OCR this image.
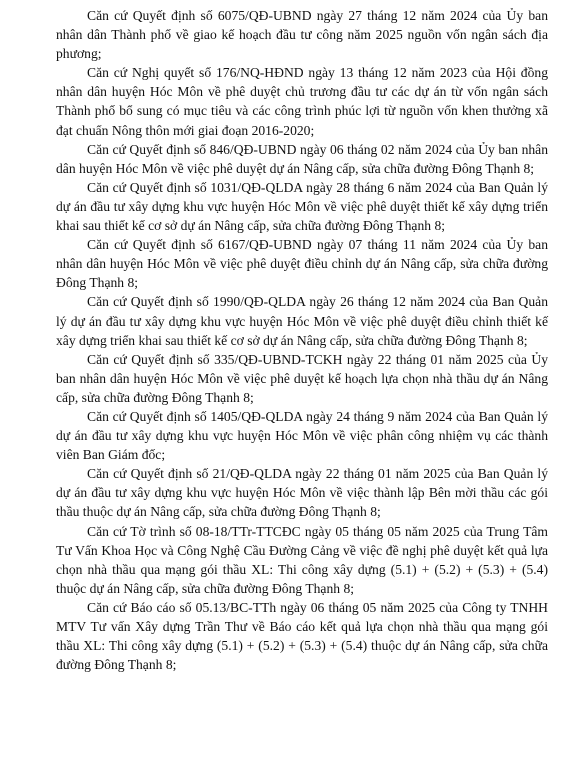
Căn cứ Quyết định số 6075/QĐ-UBND ngày 27 tháng 12 năm 2024 của Ủy ban nhân dân Thành phố về giao kế hoạch đầu tư công năm 2025 nguồn vốn ngân sách địa phương;

Căn cứ Nghị quyết số 176/NQ-HĐND ngày 13 tháng 12 năm 2023 của Hội đồng nhân dân huyện Hóc Môn về phê duyệt chủ trương đầu tư các dự án từ vốn ngân sách Thành phố bổ sung có mục tiêu và các công trình phúc lợi từ nguồn vốn khen thưởng xã đạt chuẩn Nông thôn mới giai đoạn 2016-2020;

Căn cứ Quyết định số 846/QĐ-UBND ngày 06 tháng 02 năm 2024 của Ủy ban nhân dân huyện Hóc Môn về việc phê duyệt dự án Nâng cấp, sửa chữa đường Đông Thạnh 8;

Căn cứ Quyết định số 1031/QĐ-QLDA ngày 28 tháng 6 năm 2024 của Ban Quản lý dự án đầu tư xây dựng khu vực huyện Hóc Môn về việc phê duyệt thiết kế xây dựng triển khai sau thiết kế cơ sở dự án Nâng cấp, sửa chữa đường Đông Thạnh 8;

Căn cứ Quyết định số 6167/QĐ-UBND ngày 07 tháng 11 năm 2024 của Ủy ban nhân dân huyện Hóc Môn về việc phê duyệt điều chỉnh dự án Nâng cấp, sửa chữa đường Đông Thạnh 8;

Căn cứ Quyết định số 1990/QĐ-QLDA ngày 26 tháng 12 năm 2024 của Ban Quản lý dự án đầu tư xây dựng khu vực huyện Hóc Môn về việc phê duyệt điều chỉnh thiết kế xây dựng triển khai sau thiết kế cơ sở dự án Nâng cấp, sửa chữa đường Đông Thạnh 8;

Căn cứ Quyết định số 335/QĐ-UBND-TCKH ngày 22 tháng 01 năm 2025 của Ủy ban nhân dân huyện Hóc Môn về việc phê duyệt kế hoạch lựa chọn nhà thầu dự án Nâng cấp, sửa chữa đường Đông Thạnh 8;

Căn cứ Quyết định số 1405/QĐ-QLDA ngày 24 tháng 9 năm 2024 của Ban Quản lý dự án đầu tư xây dựng khu vực huyện Hóc Môn về việc phân công nhiệm vụ các thành viên Ban Giám đốc;

Căn cứ Quyết định số 21/QĐ-QLDA ngày 22 tháng 01 năm 2025 của Ban Quản lý dự án đầu tư xây dựng khu vực huyện Hóc Môn về việc thành lập Bên mời thầu các gói thầu thuộc dự án Nâng cấp, sửa chữa đường Đông Thạnh 8;

Căn cứ Tờ trình số 08-18/TTr-TTCĐC ngày 05 tháng 05 năm 2025 của Trung Tâm Tư Vấn Khoa Học và Công Nghệ Cầu Đường Cảng về việc đề nghị phê duyệt kết quả lựa chọn nhà thầu qua mạng gói thầu XL: Thi công xây dựng (5.1) + (5.2) + (5.3) + (5.4) thuộc dự án Nâng cấp, sửa chữa đường Đông Thạnh 8;

Căn cứ Báo cáo số 05.13/BC-TTh ngày 06 tháng 05 năm 2025 của Công ty TNHH MTV Tư vấn Xây dựng Trần Thư về Báo cáo kết quả lựa chọn nhà thầu qua mạng gói thầu XL: Thi công xây dựng (5.1) + (5.2) + (5.3) + (5.4) thuộc dự án Nâng cấp, sửa chữa đường Đông Thạnh 8;
